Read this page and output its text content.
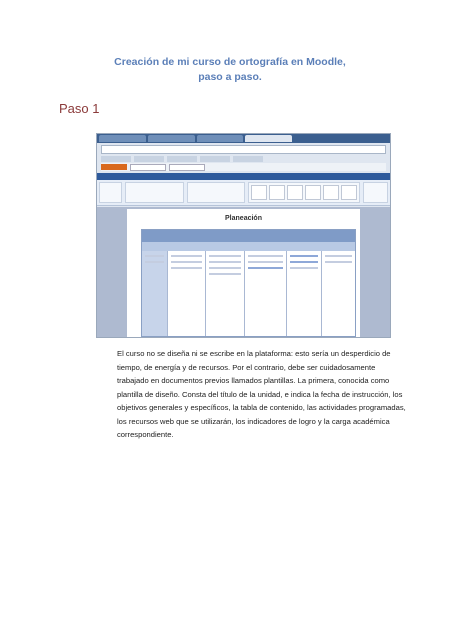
Creación de mi curso de ortografía en Moodle,
paso a paso.
Paso 1
Planeación
El curso no se diseña ni se escribe en la plataforma: esto sería un desperdicio de tiempo, de energía y de recursos. Por el contrario, debe ser cuidadosamente trabajado en documentos previos llamados plantillas. La primera, conocida como plantilla de diseño. Consta del título de la unidad, e indica la fecha de instrucción, los objetivos generales y específicos, la tabla de contenido, las actividades programadas, los recursos web que se utilizarán, los indicadores de logro y la carga académica correspondiente.
